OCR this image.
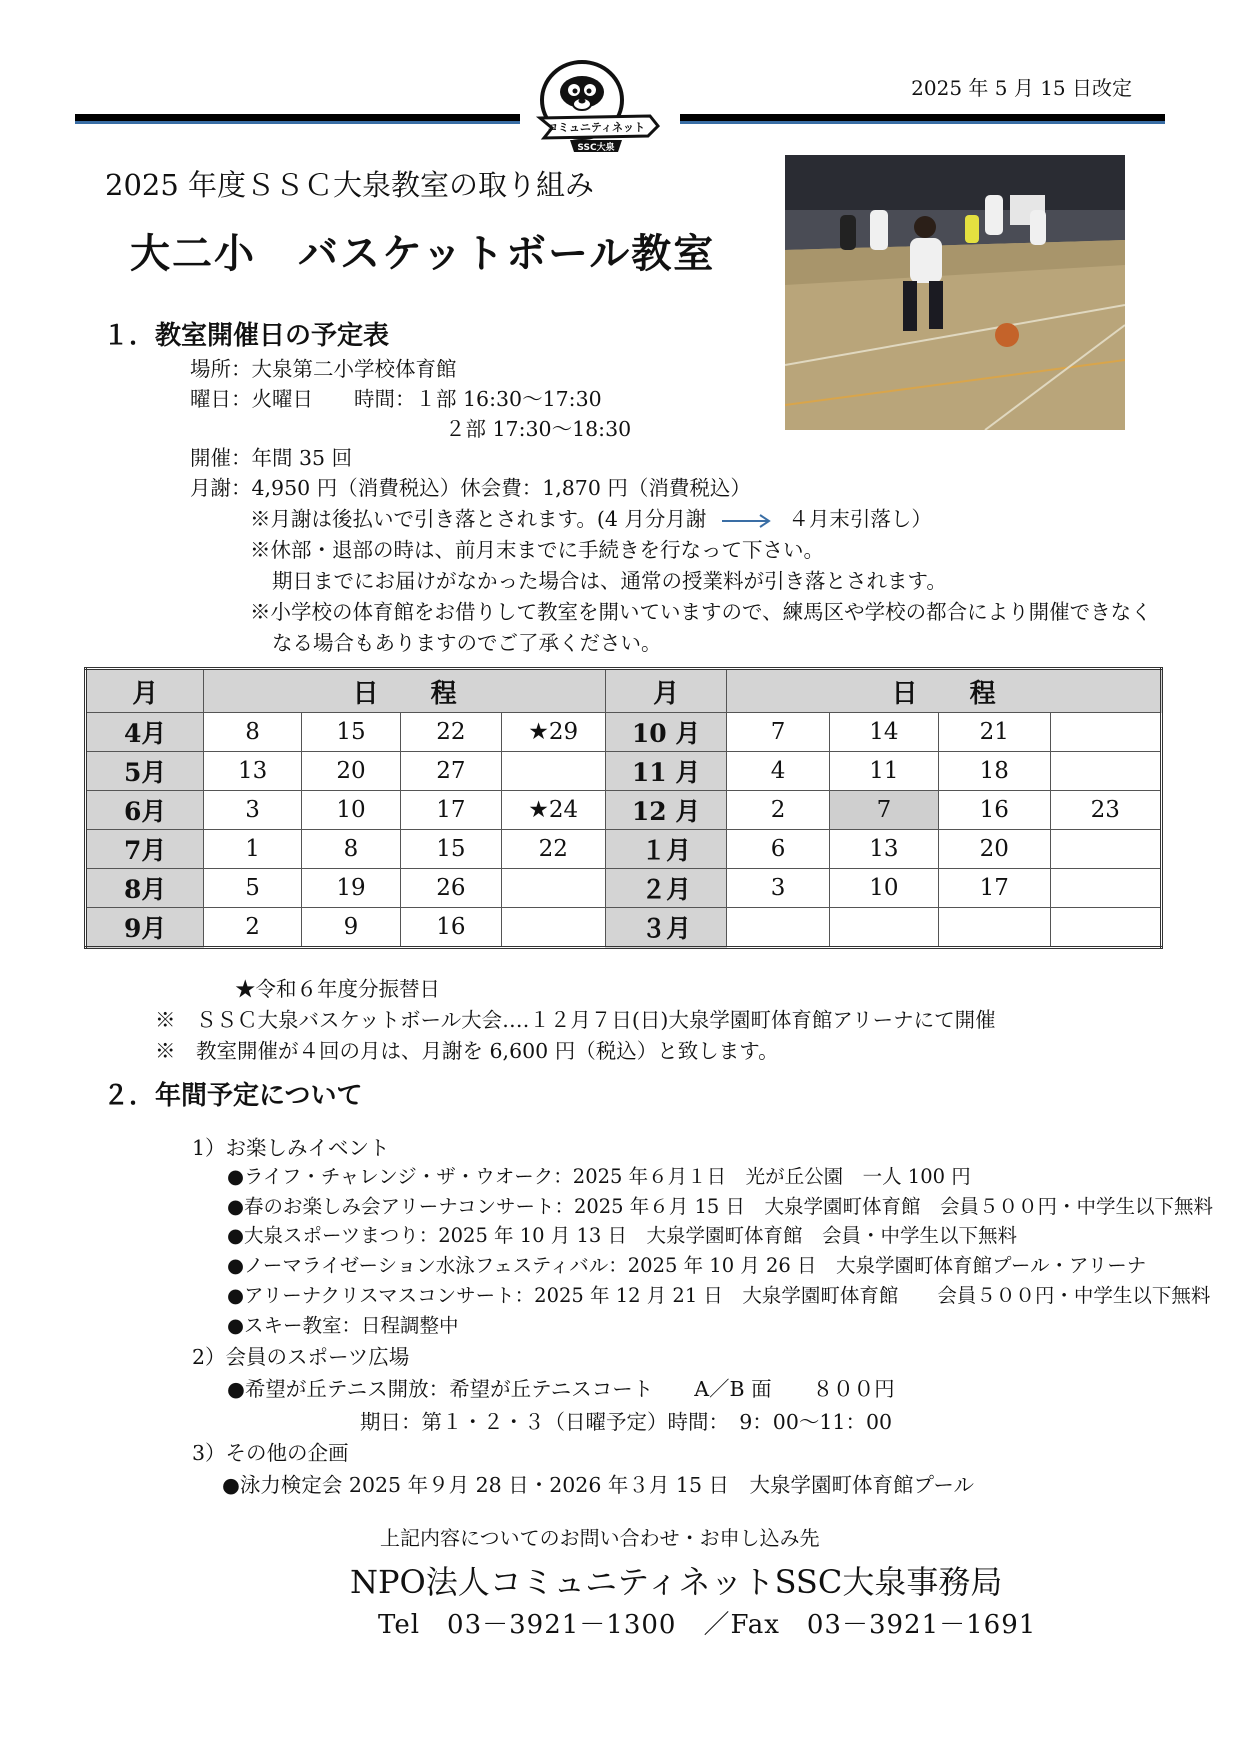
2025 年 5 月 15 日改定
コミュニティネット
SSC大泉
2025 年度ＳＳＣ大泉教室の取り組み
大二小　バスケットボール教室
１．教室開催日の予定表
場所：大泉第二小学校体育館
曜日：火曜日　　時間：１部 16:30～17:30
２部 17:30～18:30
開催：年間 35 回
月謝：4,950 円（消費税込）休会費：1,870 円（消費税込）
※月謝は後払いで引き落とされます。(4 月分月謝	４月末引落し）
※休部・退部の時は、前月末までに手続きを行なって下さい。
期日までにお届けがなかった場合は、通常の授業料が引き落とされます。
※小学校の体育館をお借りして教室を開いていますので、練馬区や学校の都合により開催できなく
なる場合もありますのでご了承ください。
月	日　　程				月	日　　程			
4月	8	15	22	★29	10 月	7	14	21	
5月	13	20	27		11 月	4	11	18	
6月	3	10	17	★24	12 月	2	7	16	23
7月	1	8	15	22	１月	6	13	20	
8月	5	19	26		２月	3	10	17	
9月	2	9	16		３月				
★令和６年度分振替日
※　ＳＳＣ大泉バスケットボール大会‥‥１２月７日(日)大泉学園町体育館アリーナにて開催
※　教室開催が４回の月は、月謝を 6,600 円（税込）と致します。
２．年間予定について
1）お楽しみイベント
●ライフ・チャレンジ・ザ・ウオーク：2025 年６月１日　光が丘公園　一人 100 円
●春のお楽しみ会アリーナコンサート：2025 年６月 15 日　大泉学園町体育館　会員５００円・中学生以下無料
●大泉スポーツまつり：2025 年 10 月 13 日　大泉学園町体育館　会員・中学生以下無料
●ノーマライゼーション水泳フェスティバル：2025 年 10 月 26 日　大泉学園町体育館プール・アリーナ
●アリーナクリスマスコンサート：2025 年 12 月 21 日　大泉学園町体育館　　会員５００円・中学生以下無料
●スキー教室：日程調整中
2）会員のスポーツ広場
●希望が丘テニス開放：希望が丘テニスコート　　A／B 面　　８００円
期日：第１・２・３（日曜予定）時間：　9：00～11：00
3）その他の企画
●泳力検定会 2025 年９月 28 日・2026 年３月 15 日　大泉学園町体育館プール
上記内容についてのお問い合わせ・お申し込み先
NPO法人コミュニティネットSSC大泉事務局
Tel　03－3921－1300　／Fax　03－3921－1691
